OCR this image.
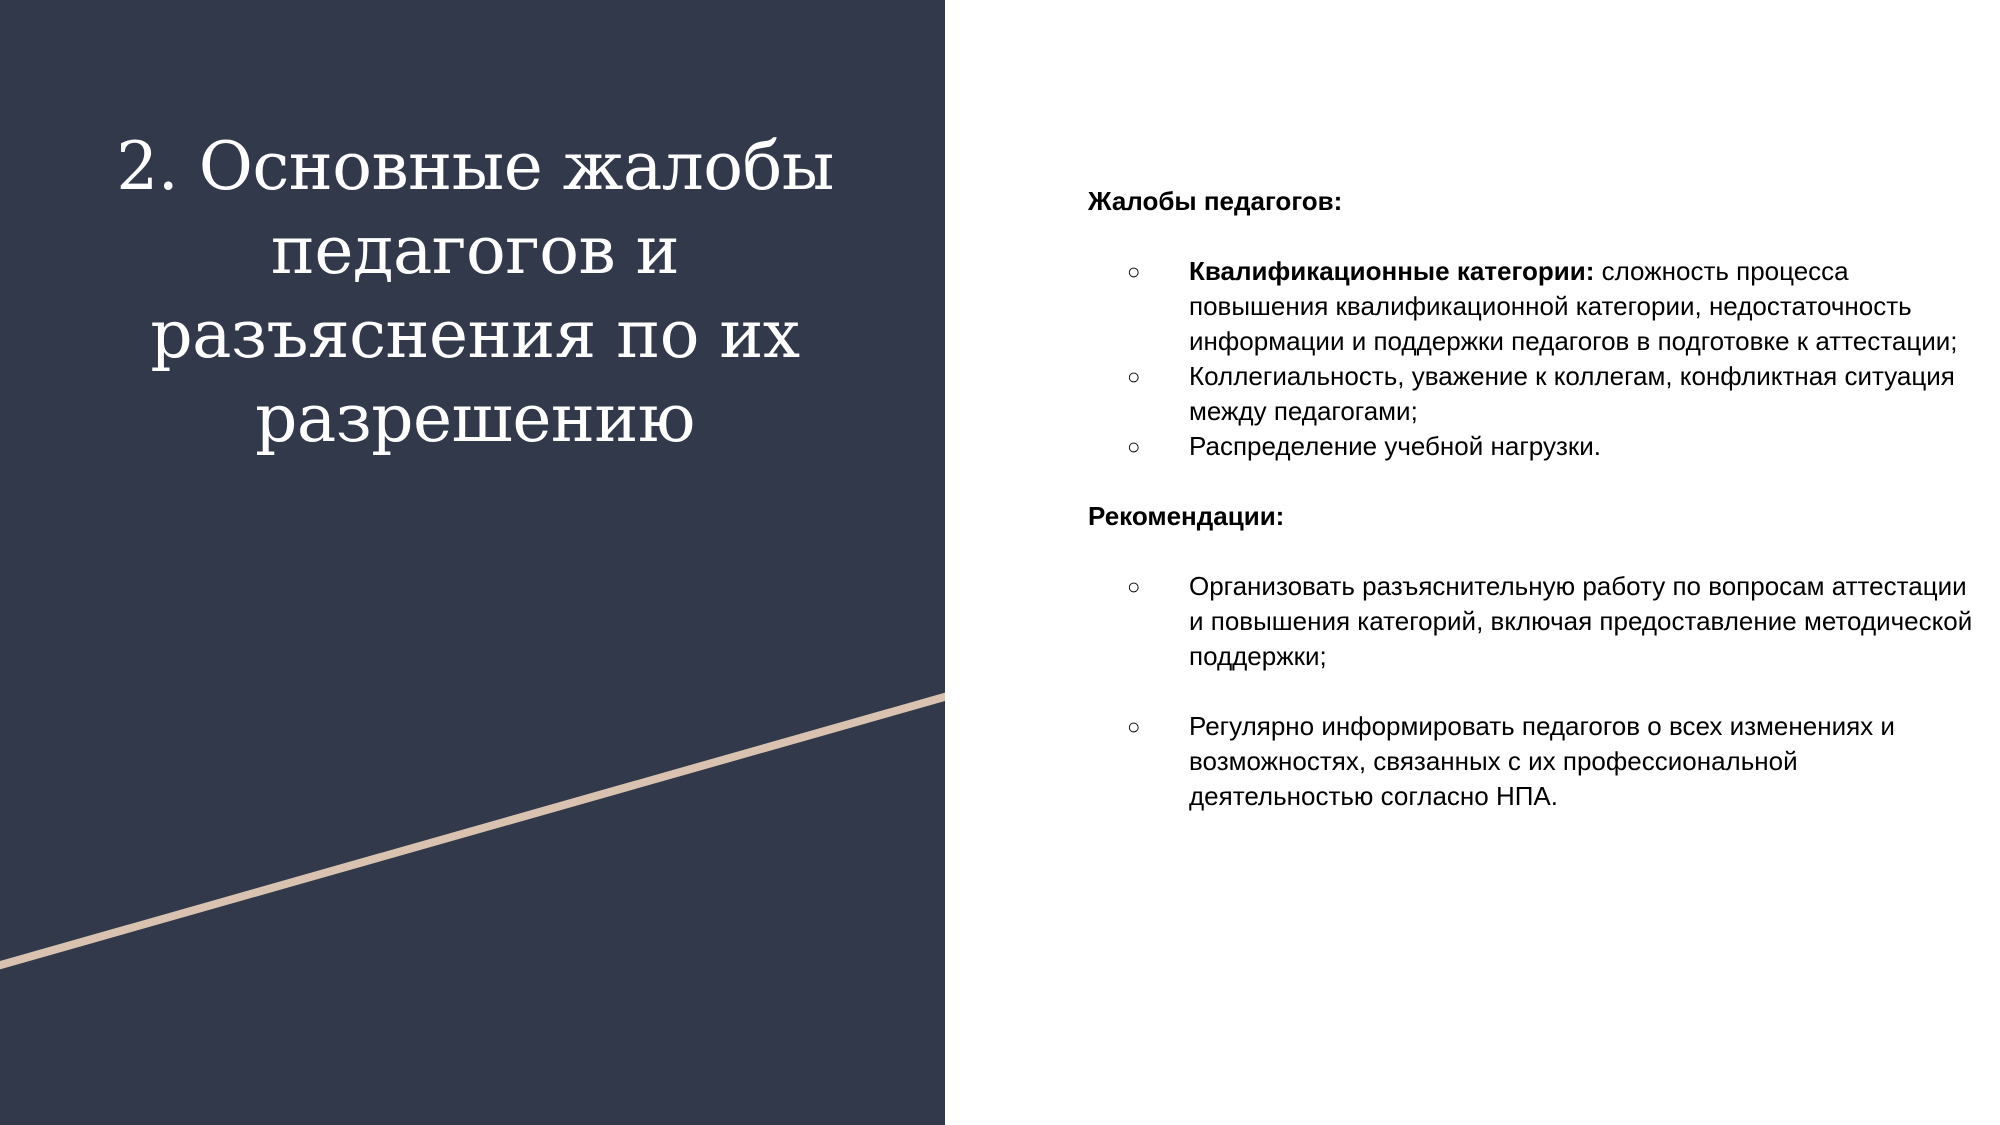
2. Основные жалобы педагогов и разъяснения по их разрешению

Жалобы педагогов:

○	Квалификационные категории: сложность процесса повышения квалификационной категории, недостаточность информации и поддержки педагогов в подготовке к аттестации;
○	Коллегиальность, уважение к коллегам, конфликтная ситуация между педагогами;
○	Распределение учебной нагрузки.

Рекомендации:

○	Организовать разъяснительную работу по вопросам аттестации и повышения категорий, включая предоставление методической поддержки;
○	Регулярно информировать педагогов о всех изменениях и возможностях, связанных с их профессиональной деятельностью согласно НПА.
